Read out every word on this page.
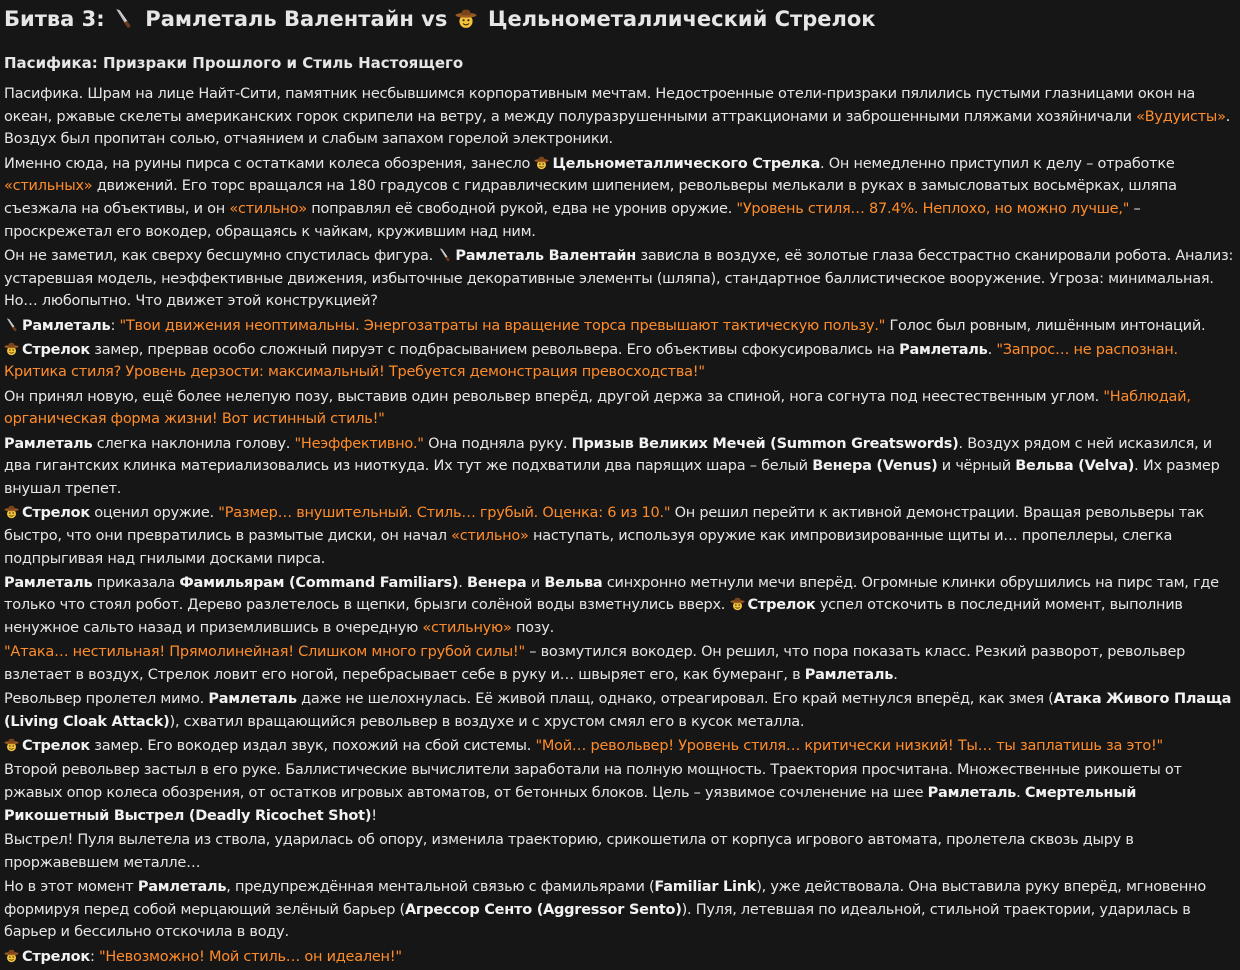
Битва 3:  Рамлеталь Валентайн vs  Цельнометаллический Стрелок
Пасифика: Призраки Прошлого и Стиль Настоящего

Пасифика. Шрам на лице Найт-Сити, памятник несбывшимся корпоративным мечтам. Недостроенные отели-призраки пялились пустыми глазницами окон на океан, ржавые скелеты американских горок скрипели на ветру, а между полуразрушенными аттракционами и заброшенными пляжами хозяйничали «Вудуисты». Воздух был пропитан солью, отчаянием и слабым запахом горелой электроники.

Именно сюда, на руины пирса с остатками колеса обозрения, занесло Цельнометаллического Стрелка. Он немедленно приступил к делу – отработке «стильных» движений. Его торс вращался на 180 градусов с гидравлическим шипением, револьверы мелькали в руках в замысловатых восьмёрках, шляпа съезжала на объективы, и он «стильно» поправлял её свободной рукой, едва не уронив оружие. "Уровень стиля… 87.4%. Неплохо, но можно лучше," – проскрежетал его вокодер, обращаясь к чайкам, кружившим над ним.

Он не заметил, как сверху бесшумно спустилась фигура. Рамлеталь Валентайн зависла в воздухе, её золотые глаза бесстрастно сканировали робота. Анализ: устаревшая модель, неэффективные движения, избыточные декоративные элементы (шляпа), стандартное баллистическое вооружение. Угроза: минимальная. Но… любопытно. Что движет этой конструкцией?

Рамлеталь: "Твои движения неоптимальны. Энергозатраты на вращение торса превышают тактическую пользу." Голос был ровным, лишённым интонаций.

Стрелок замер, прервав особо сложный пируэт с подбрасыванием револьвера. Его объективы сфокусировались на Рамлеталь. "Запрос… не распознан. Критика стиля? Уровень дерзости: максимальный! Требуется демонстрация превосходства!"

Он принял новую, ещё более нелепую позу, выставив один револьвер вперёд, другой держа за спиной, нога согнута под неестественным углом. "Наблюдай, органическая форма жизни! Вот истинный стиль!"

Рамлеталь слегка наклонила голову. "Неэффективно." Она подняла руку. Призыв Великих Мечей (Summon Greatswords). Воздух рядом с ней исказился, и два гигантских клинка материализовались из ниоткуда. Их тут же подхватили два парящих шара – белый Венера (Venus) и чёрный Вельва (Velva). Их размер внушал трепет.

Стрелок оценил оружие. "Размер… внушительный. Стиль… грубый. Оценка: 6 из 10." Он решил перейти к активной демонстрации. Вращая револьверы так быстро, что они превратились в размытые диски, он начал «стильно» наступать, используя оружие как импровизированные щиты и… пропеллеры, слегка подпрыгивая над гнилыми досками пирса.

Рамлеталь приказала Фамильярам (Command Familiars). Венера и Вельва синхронно метнули мечи вперёд. Огромные клинки обрушились на пирс там, где только что стоял робот. Дерево разлетелось в щепки, брызги солёной воды взметнулись вверх. Стрелок успел отскочить в последний момент, выполнив ненужное сальто назад и приземлившись в очередную «стильную» позу.

"Атака… нестильная! Прямолинейная! Слишком много грубой силы!" – возмутился вокодер. Он решил, что пора показать класс. Резкий разворот, револьвер взлетает в воздух, Стрелок ловит его ногой, перебрасывает себе в руку и… швыряет его, как бумеранг, в Рамлеталь.

Револьвер пролетел мимо. Рамлеталь даже не шелохнулась. Её живой плащ, однако, отреагировал. Его край метнулся вперёд, как змея (Атака Живого Плаща (Living Cloak Attack)), схватил вращающийся револьвер в воздухе и с хрустом смял его в кусок металла.

Стрелок замер. Его вокодер издал звук, похожий на сбой системы. "Мой… револьвер! Уровень стиля… критически низкий! Ты… ты заплатишь за это!"

Второй револьвер застыл в его руке. Баллистические вычислители заработали на полную мощность. Траектория просчитана. Множественные рикошеты от ржавых опор колеса обозрения, от остатков игровых автоматов, от бетонных блоков. Цель – уязвимое сочленение на шее Рамлеталь. Смертельный Рикошетный Выстрел (Deadly Ricochet Shot)!

Выстрел! Пуля вылетела из ствола, ударилась об опору, изменила траекторию, срикошетила от корпуса игрового автомата, пролетела сквозь дыру в проржавевшем металле…

Но в этот момент Рамлеталь, предупреждённая ментальной связью с фамильярами (Familiar Link), уже действовала. Она выставила руку вперёд, мгновенно формируя перед собой мерцающий зелёный барьер (Агрессор Сенто (Aggressor Sento)). Пуля, летевшая по идеальной, стильной траектории, ударилась в барьер и бессильно отскочила в воду.

Стрелок: "Невозможно! Мой стиль… он идеален!"
